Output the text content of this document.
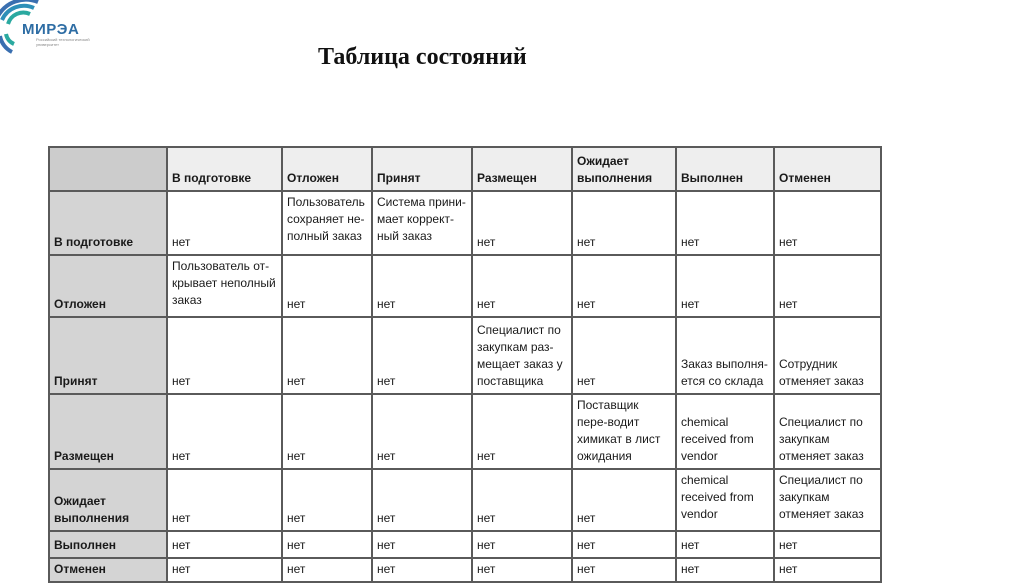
МИРЭА
Российский технологический университет	Таблица состояний
	В подготовке	Отложен	Принят	Размещен	Ожидает выполнения	Выполнен	Отменен
В подготовке	нет	Пользователь сохраняет не-полный заказ	Система прини-мает коррект-ный заказ	нет	нет	нет	нет
Отложен	Пользователь от-крывает неполный заказ	нет	нет	нет	нет	нет	нет
Принят	нет	нет	нет	Специалист по закупкам раз-мещает заказ у поставщика	нет	Заказ выполня-ется со склада	Сотрудник отменяет заказ
Размещен	нет	нет	нет	нет	Поставщик пере-водит химикат в лист ожидания	chemical received from vendor	Специалист по закупкам отменяет заказ
Ожидает выполнения	нет	нет	нет	нет	нет	chemical received from vendor	Специалист по закупкам отменяет заказ
Выполнен	нет	нет	нет	нет	нет	нет	нет
Отменен	нет	нет	нет	нет	нет	нет	нет
